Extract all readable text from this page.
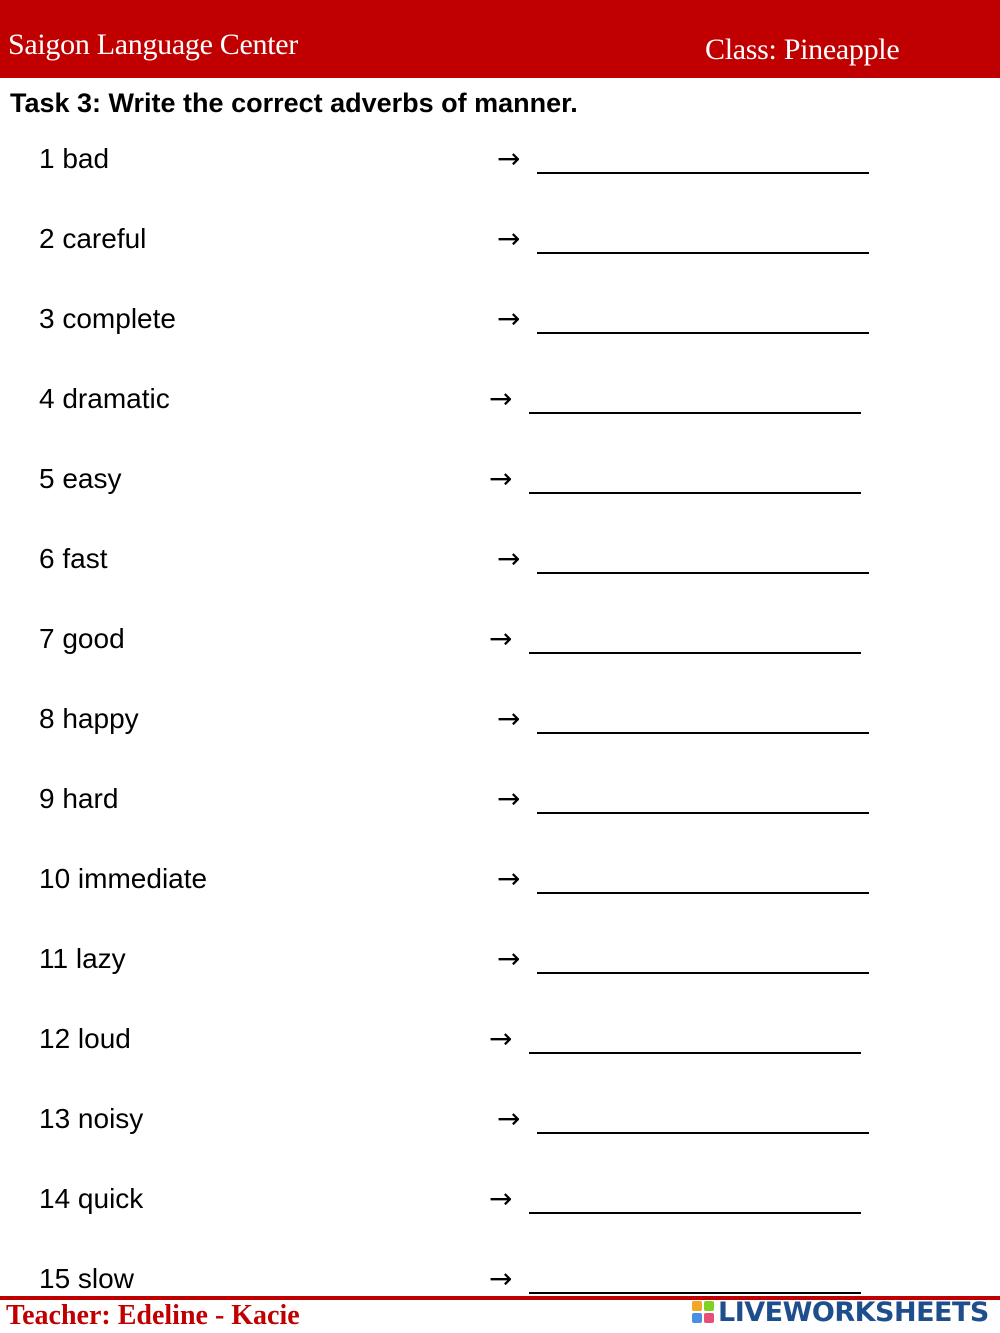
Saigon Language Center	Class: Pineapple
Task 3: Write the correct adverbs of manner.
1 bad	→
2 careful	→
3 complete	→
4 dramatic	→
5 easy	→
6 fast	→
7 good	→
8 happy	→
9 hard	→
10 immediate	→
11 lazy	→
12 loud	→
13 noisy	→
14 quick	→
15 slow	→
Teacher: Edeline - Kacie	LIVEWORKSHEETS
